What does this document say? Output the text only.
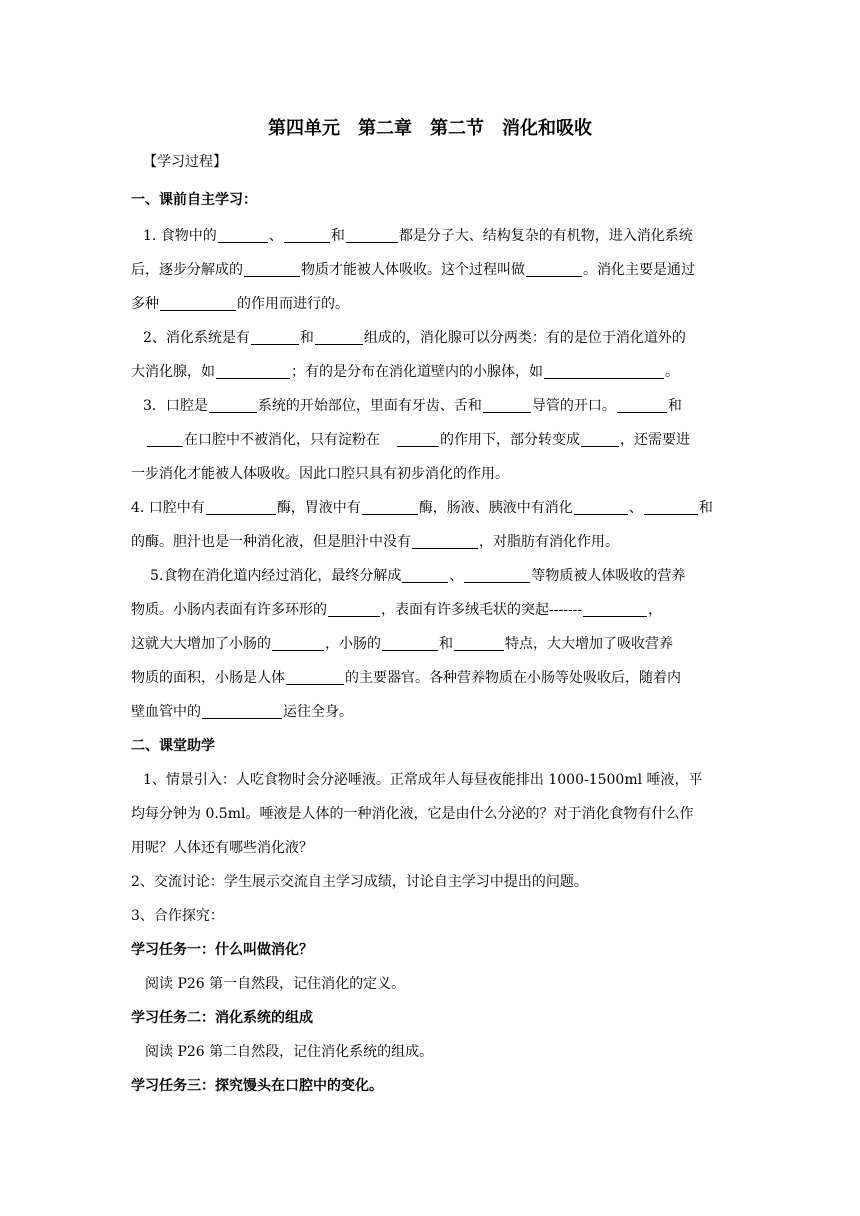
第四单元　第二章　第二节　消化和吸收
【学习过程】
一、课前自主学习：
1. 食物中的	、	和	都是分子大、结构复杂的有机物，进入消化系统
后，逐步分解成的	物质才能被人体吸收。这个过程叫做	。消化主要是通过
多种	的作用而进行的。
2、消化系统是有	和	组成的，消化腺可以分两类：有的是位于消化道外的
大消化腺，如	；有的是分布在消化道壁内的小腺体，如	。
3．口腔是	系统的开始部位，里面有牙齿、舌和	导管的开口。	和
在口腔中不被消化，只有淀粉在	的作用下，部分转变成	，还需要进
一步消化才能被人体吸收。因此口腔只具有初步消化的作用。
4. 口腔中有	酶，胃液中有	酶，肠液、胰液中有消化	、	和
的酶。胆汁也是一种消化液，但是胆汁中没有	，对脂肪有消化作用。
5.食物在消化道内经过消化，最终分解成	、	等物质被人体吸收的营养
物质。小肠内表面有许多环形的	，表面有许多绒毛状的突起-------	，
这就大大增加了小肠的	，小肠的	和	特点，大大增加了吸收营养
物质的面积，小肠是人体	的主要器官。各种营养物质在小肠等处吸收后，随着内
壁血管中的	运往全身。
二、课堂助学
1、情景引入：人吃食物时会分泌唾液。正常成年人每昼夜能排出 1000-1500ml 唾液，平
均每分钟为 0.5ml。唾液是人体的一种消化液，它是由什么分泌的？对于消化食物有什么作
用呢？人体还有哪些消化液？
2、交流讨论：学生展示交流自主学习成绩，讨论自主学习中提出的问题。
3、合作探究：
学习任务一：什么叫做消化？
阅读 P26 第一自然段，记住消化的定义。
学习任务二：消化系统的组成
阅读 P26 第二自然段，记住消化系统的组成。
学习任务三：探究馒头在口腔中的变化。
